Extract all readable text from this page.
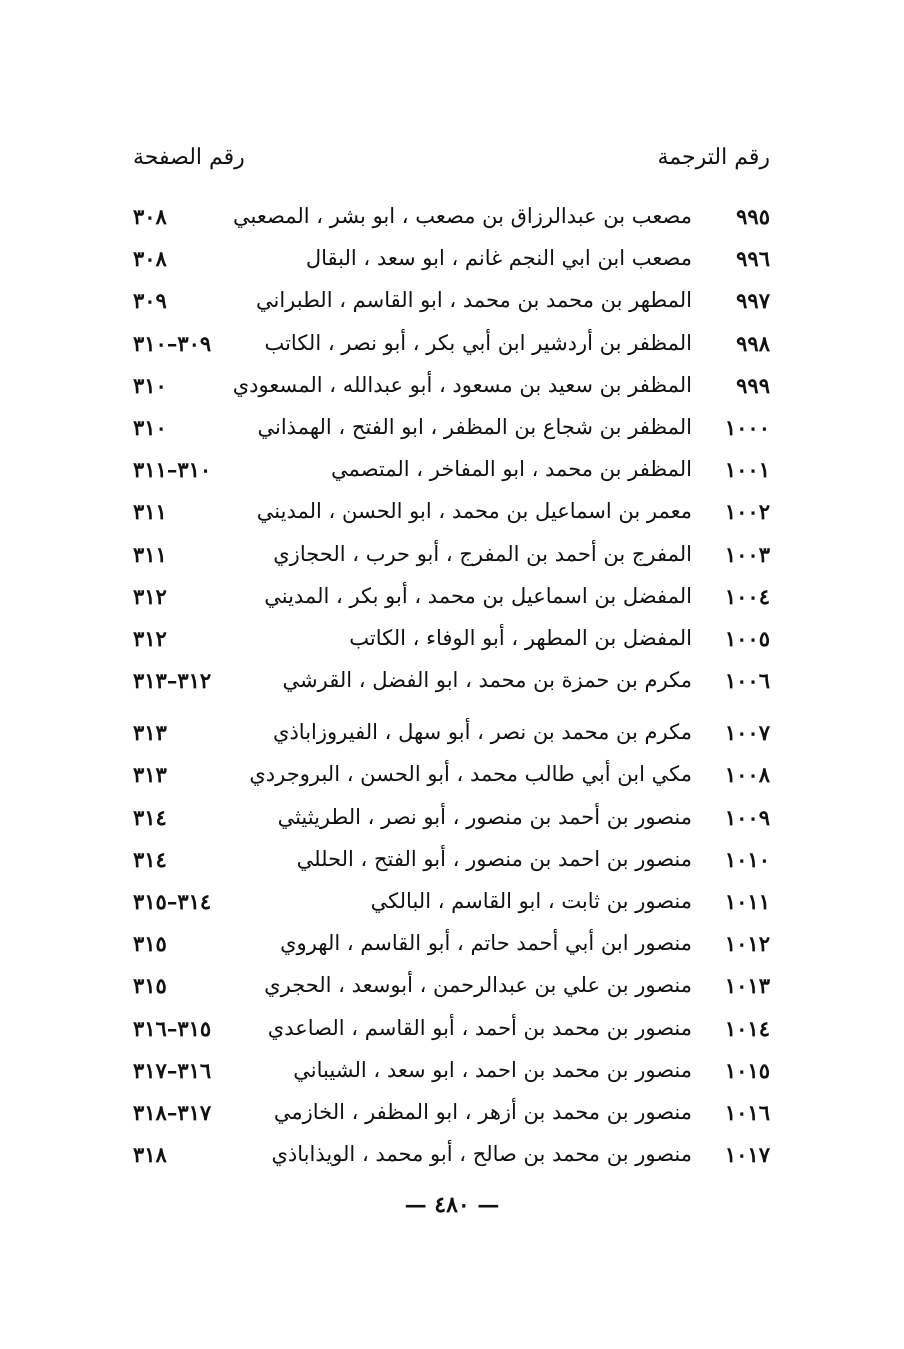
رقم الترجمة
رقم الصفحة
٩٩٥
مصعب بن عبدالرزاق بن مصعب ، ابو بشر ، المصعبي
٣٠٨
٩٩٦
مصعب ابن ابي النجم غانم ، ابو سعد ، البقال
٣٠٨
٩٩٧
المطهر بن محمد بن محمد ، ابو القاسم ، الطبراني
٣٠٩
٩٩٨
المظفر بن أردشير ابن أبي بكر ، أبو نصر ، الكاتب
٣٠٩–٣١٠
٩٩٩
المظفر بن سعيد بن مسعود ، أبو عبدالله ، المسعودي
٣١٠
١٠٠٠
المظفر بن شجاع بن المظفر ، ابو الفتح ، الهمذاني
٣١٠
١٠٠١
المظفر بن محمد ، ابو المفاخر ، المتصمي
٣١٠–٣١١
١٠٠٢
معمر بن اسماعيل بن محمد ، ابو الحسن ، المديني
٣١١
١٠٠٣
المفرج بن أحمد بن المفرج ، أبو حرب ، الحجازي
٣١١
١٠٠٤
المفضل بن اسماعيل بن محمد ، أبو بكر ، المديني
٣١٢
١٠٠٥
المفضل بن المطهر ، أبو الوفاء ، الكاتب
٣١٢
١٠٠٦
مكرم بن حمزة بن محمد ، ابو الفضل ، القرشي
٣١٢–٣١٣
١٠٠٧
مكرم بن محمد بن نصر ، أبو سهل ، الفيروزاباذي
٣١٣
١٠٠٨
مكي ابن أبي طالب محمد ، أبو الحسن ، البروجردي
٣١٣
١٠٠٩
منصور بن أحمد بن منصور ، أبو نصر ، الطريثيثي
٣١٤
١٠١٠
منصور بن احمد بن منصور ، أبو الفتح ، الحللي
٣١٤
١٠١١
منصور بن ثابت ، ابو القاسم ، البالكي
٣١٤–٣١٥
١٠١٢
منصور ابن أبي أحمد حاتم ، أبو القاسم ، الهروي
٣١٥
١٠١٣
منصور بن علي بن عبدالرحمن ، أبوسعد ، الحجري
٣١٥
١٠١٤
منصور بن محمد بن أحمد ، أبو القاسم ، الصاعدي
٣١٥–٣١٦
١٠١٥
منصور بن محمد بن احمد ، ابو سعد ، الشيباني
٣١٦–٣١٧
١٠١٦
منصور بن محمد بن أزهر ، ابو المظفر ، الخازمي
٣١٧–٣١٨
١٠١٧
منصور بن محمد بن صالح ، أبو محمد ، الويذاباذي
٣١٨
— ٤٨٠ —
